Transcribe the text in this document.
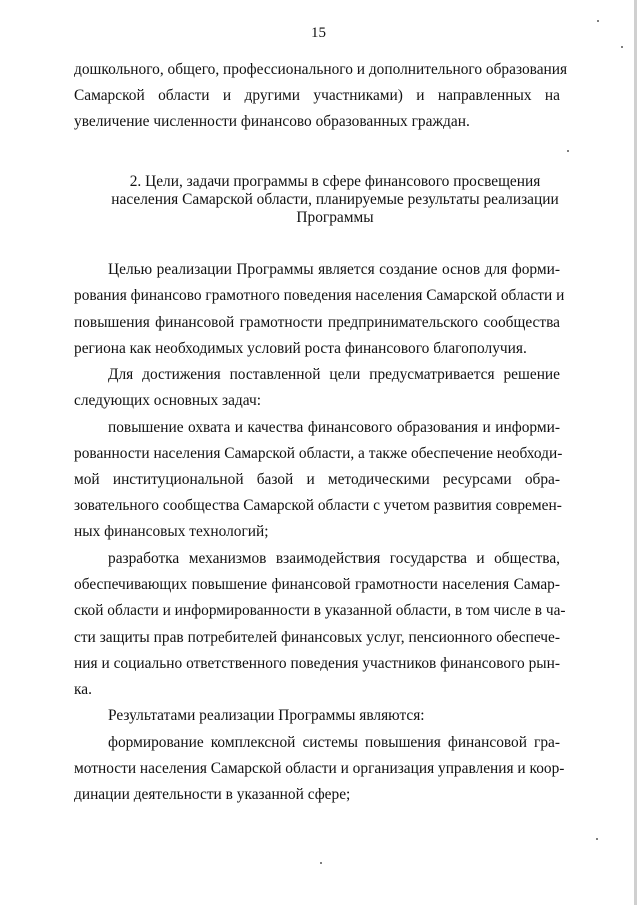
15
дошкольного, общего, профессионального и дополнительного образования
Самарской области и другими участниками) и направленных на
увеличение численности финансово образованных граждан.
2. Цели, задачи программы в сфере финансового просвещения
населения Самарской области, планируемые результаты реализации
Программы
Целью реализации Программы является создание основ для форми-
рования финансово грамотного поведения населения Самарской области и
повышения финансовой грамотности предпринимательского сообщества
региона как необходимых условий роста финансового благополучия.
Для достижения поставленной цели предусматривается решение
следующих основных задач:
повышение охвата и качества финансового образования и информи-
рованности населения Самарской области, а также обеспечение необходи-
мой институциональной базой и методическими ресурсами обра-
зовательного сообщества Самарской области с учетом развития современ-
ных финансовых технологий;
разработка механизмов взаимодействия государства и общества,
обеспечивающих повышение финансовой грамотности населения Самар-
ской области и информированности в указанной области, в том числе в ча-
сти защиты прав потребителей финансовых услуг, пенсионного обеспече-
ния и социально ответственного поведения участников финансового рын-
ка.
Результатами реализации Программы являются:
формирование комплексной системы повышения финансовой гра-
мотности населения Самарской области и организация управления и коор-
динации деятельности в указанной сфере;
